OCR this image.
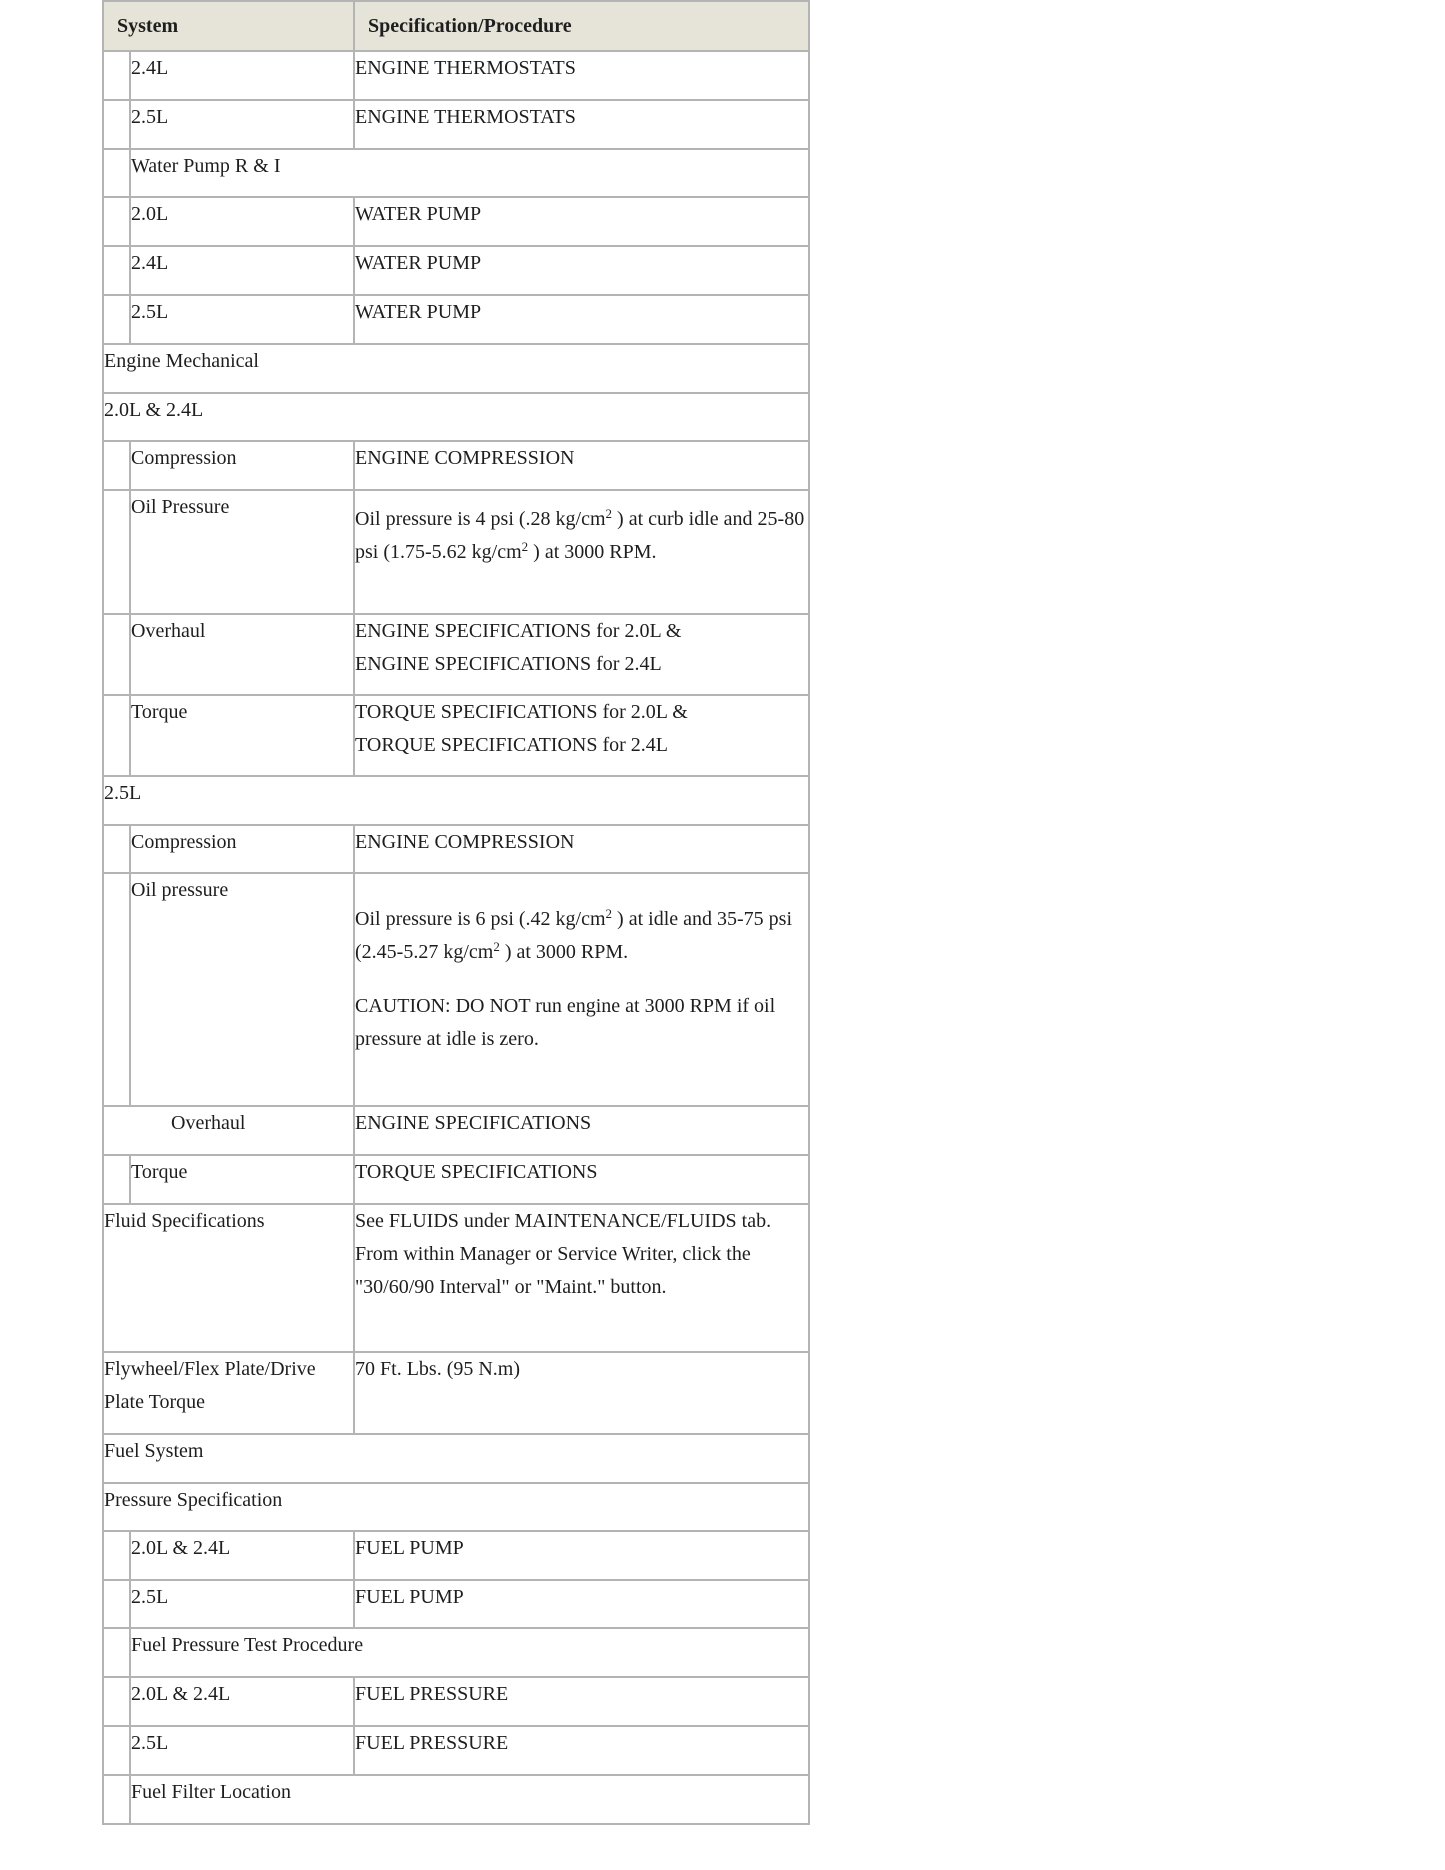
System		Specification/Procedure
	2.4L	ENGINE THERMOSTATS
	2.5L	ENGINE THERMOSTATS
	Water Pump R & I	
	2.0L	WATER PUMP
	2.4L	WATER PUMP
	2.5L	WATER PUMP
Engine Mechanical		
2.0L & 2.4L		
	Compression	ENGINE COMPRESSION
	Oil Pressure	Oil pressure is 4 psi (.28 $kg/cm^2$ ) at curb idle and 25-80 psi (1.75-5.62 $kg/cm^2$ ) at 3000 RPM.
	Overhaul	ENGINE SPECIFICATIONS for 2.0L &
ENGINE SPECIFICATIONS for 2.4L

	Torque	TORQUE SPECIFICATIONS for 2.0L &
TORQUE SPECIFICATIONS for 2.4L

2.5L		
	Compression	ENGINE COMPRESSION
	Oil pressure	Oil pressure is 6 psi (.42 $kg/cm^2$ ) at idle and 35-75 psi (2.45-5.27 $kg/cm^2$ ) at 3000 RPM.

CAUTION: DO NOT run engine at 3000 RPM if oil pressure at idle is zero.

Overhaul		ENGINE SPECIFICATIONS
	Torque	TORQUE SPECIFICATIONS
Fluid Specifications		See FLUIDS under MAINTENANCE/FLUIDS tab. From within Manager or Service Writer, click the "30/60/90 Interval" or "Maint." button.
Flywheel/Flex Plate/Drive Plate Torque		70 Ft. Lbs. (95 N.m)
Fuel System		
Pressure Specification		
	2.0L & 2.4L	FUEL PUMP
	2.5L	FUEL PUMP
	Fuel Pressure Test Procedure	
	2.0L & 2.4L	FUEL PRESSURE
	2.5L	FUEL PRESSURE
	Fuel Filter Location	
